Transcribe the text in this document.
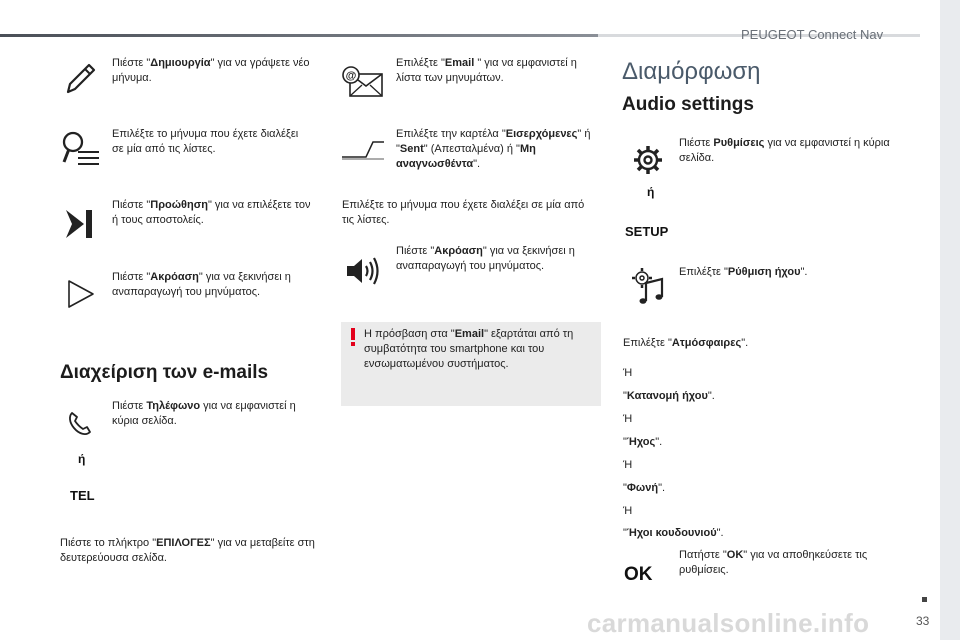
PEUGEOT Connect Nav
33
carmanualsonline.info
Πιέστε "Δημιουργία" για να γράψετε νέο μήνυμα.
Επιλέξτε το μήνυμα που έχετε διαλέξει σε μία από τις λίστες.
Πιέστε "Προώθηση" για να επιλέξετε τον ή τους αποστολείς.
Πιέστε "Ακρόαση" για να ξεκινήσει η αναπαραγωγή του μηνύματος.
Διαχείριση των e-mails
Πιέστε Τηλέφωνο για να εμφανιστεί η κύρια σελίδα.
ή
TEL
Πιέστε το πλήκτρο "ΕΠΙΛΟΓΕΣ" για να μεταβείτε στη δευτερεύουσα σελίδα.
@
Επιλέξτε "Email " για να εμφανιστεί η λίστα των μηνυμάτων.
Επιλέξτε την καρτέλα "Εισερχόμενες" ή "Sent" (Απεσταλμένα) ή "Μη αναγνωσθέντα".
Επιλέξτε το μήνυμα που έχετε διαλέξει σε μία από τις λίστες.
Πιέστε "Ακρόαση" για να ξεκινήσει η αναπαραγωγή του μηνύματος.
Η πρόσβαση στα "Email" εξαρτάται από τη συμβατότητα του smartphone και του ενσωματωμένου συστήματος.
Διαμόρφωση
Audio settings
Πιέστε Ρυθμίσεις για να εμφανιστεί η κύρια σελίδα.
ή
SETUP
Επιλέξτε "Ρύθμιση ήχου".
Επιλέξτε "Ατμόσφαιρες".
Ή
"Κατανομή ήχου".
Ή
"Ήχος".
Ή
"Φωνή".
Ή
"Ήχοι κουδουνιού".
OK
Πατήστε "OK" για να αποθηκεύσετε τις ρυθμίσεις.
